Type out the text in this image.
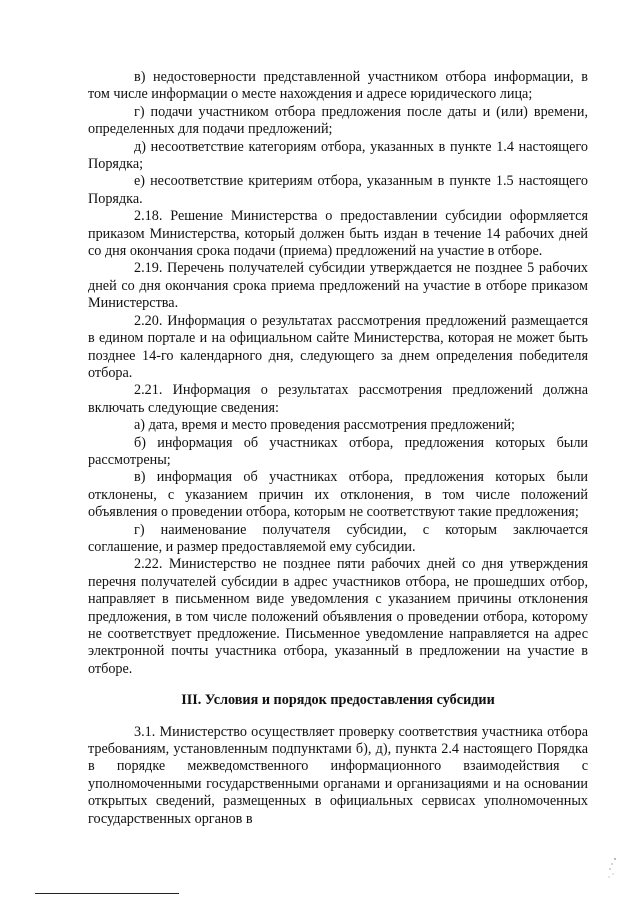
в) недостоверности представленной участником отбора информации, в том числе информации о месте нахождения и адресе юридического лица;

г) подачи участником отбора предложения после даты и (или) времени, определенных для подачи предложений;

д) несоответствие категориям отбора, указанных в пункте 1.4 настоящего Порядка;

е) несоответствие критериям отбора, указанным в пункте 1.5 настоящего Порядка.

2.18. Решение Министерства о предоставлении субсидии оформляется приказом Министерства, который должен быть издан в течение 14 рабочих дней со дня окончания срока подачи (приема) предложений на участие в отборе.

2.19. Перечень получателей субсидии утверждается не позднее 5 рабочих дней со дня окончания срока приема предложений на участие в отборе приказом Министерства.

2.20. Информация о результатах рассмотрения предложений размещается в едином портале и на официальном сайте Министерства, которая не может быть позднее 14-го календарного дня, следующего за днем определения победителя отбора.

2.21. Информация о результатах рассмотрения предложений должна включать следующие сведения:

а) дата, время и место проведения рассмотрения предложений;

б) информация об участниках отбора, предложения которых были рассмотрены;

в) информация об участниках отбора, предложения которых были отклонены, с указанием причин их отклонения, в том числе положений объявления о проведении отбора, которым не соответствуют такие предложения;

г) наименование получателя субсидии, с которым заключается соглашение, и размер предоставляемой ему субсидии.

2.22. Министерство не позднее пяти рабочих дней со дня утверждения перечня получателей субсидии в адрес участников отбора, не прошедших отбор, направляет в письменном виде уведомления с указанием причины отклонения предложения, в том числе положений объявления о проведении отбора, которому не соответствует предложение. Письменное уведомление направляется на адрес электронной почты участника отбора, указанный в предложении на участие в отборе.

III. Условия и порядок предоставления субсидии

3.1. Министерство осуществляет проверку соответствия участника отбора требованиям, установленным подпунктами б), д), пункта 2.4 настоящего Порядка в порядке межведомственного информационного взаимодействия с уполномоченными государственными органами и организациями и на основании открытых сведений, размещенных в официальных сервисах уполномоченных государственных органов в
